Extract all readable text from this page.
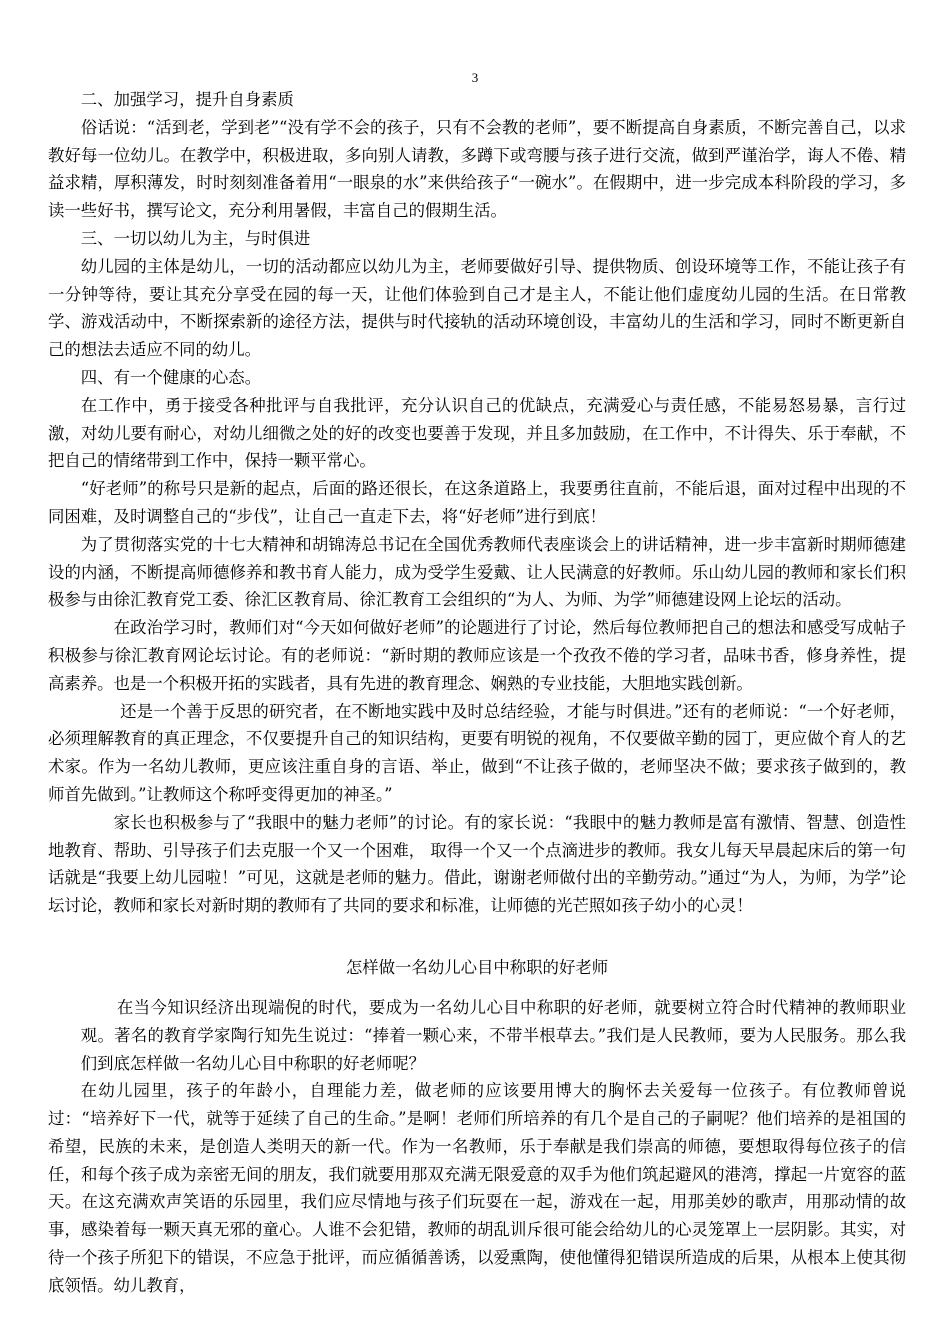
3

二、加强学习，提升自身素质

俗话说：“活到老，学到老”“没有学不会的孩子，只有不会教的老师”，要不断提高自身素质，不断完善自己，以求教好每一位幼儿。在教学中，积极进取，多向别人请教，多蹲下或弯腰与孩子进行交流，做到严谨治学，诲人不倦、精益求精，厚积薄发，时时刻刻准备着用“一眼泉的水”来供给孩子“一碗水”。在假期中，进一步完成本科阶段的学习，多读一些好书，撰写论文，充分利用暑假，丰富自己的假期生活。

三、一切以幼儿为主，与时俱进

幼儿园的主体是幼儿，一切的活动都应以幼儿为主，老师要做好引导、提供物质、创设环境等工作，不能让孩子有一分钟等待，要让其充分享受在园的每一天，让他们体验到自己才是主人，不能让他们虚度幼儿园的生活。在日常教学、游戏活动中，不断探索新的途径方法，提供与时代接轨的活动环境创设，丰富幼儿的生活和学习，同时不断更新自己的想法去适应不同的幼儿。

四、有一个健康的心态。

在工作中，勇于接受各种批评与自我批评，充分认识自己的优缺点，充满爱心与责任感，不能易怒易暴，言行过激，对幼儿要有耐心，对幼儿细微之处的好的改变也要善于发现，并且多加鼓励，在工作中，不计得失、乐于奉献，不把自己的情绪带到工作中，保持一颗平常心。

“好老师”的称号只是新的起点，后面的路还很长，在这条道路上，我要勇往直前，不能后退，面对过程中出现的不同困难，及时调整自己的“步伐”，让自己一直走下去，将“好老师”进行到底！

为了贯彻落实党的十七大精神和胡锦涛总书记在全国优秀教师代表座谈会上的讲话精神，进一步丰富新时期师德建设的内涵，不断提高师德修养和教书育人能力，成为受学生爱戴、让人民满意的好教师。乐山幼儿园的教师和家长们积极参与由徐汇教育党工委、徐汇区教育局、徐汇教育工会组织的“为人、为师、为学”师德建设网上论坛的活动。

在政治学习时，教师们对“今天如何做好老师”的论题进行了讨论，然后每位教师把自己的想法和感受写成帖子积极参与徐汇教育网论坛讨论。有的老师说：“新时期的教师应该是一个孜孜不倦的学习者，品味书香，修身养性，提高素养。也是一个积极开拓的实践者，具有先进的教育理念、娴熟的专业技能，大胆地实践创新。

还是一个善于反思的研究者，在不断地实践中及时总结经验，才能与时俱进。”还有的老师说：“一个好老师，必须理解教育的真正理念，不仅要提升自己的知识结构，更要有明锐的视角，不仅要做辛勤的园丁，更应做个育人的艺术家。作为一名幼儿教师，更应该注重自身的言语、举止，做到“不让孩子做的，老师坚决不做；要求孩子做到的，教师首先做到。”让教师这个称呼变得更加的神圣。”

家长也积极参与了“我眼中的魅力老师”的讨论。有的家长说：“我眼中的魅力教师是富有激情、智慧、创造性地教育、帮助、引导孩子们去克服一个又一个困难， 取得一个又一个点滴进步的教师。我女儿每天早晨起床后的第一句话就是“我要上幼儿园啦！”可见，这就是老师的魅力。借此，谢谢老师做付出的辛勤劳动。”通过“为人，为师，为学”论坛讨论，教师和家长对新时期的教师有了共同的要求和标准，让师德的光芒照如孩子幼小的心灵！

怎样做一名幼儿心目中称职的好老师

在当今知识经济出现端倪的时代，要成为一名幼儿心目中称职的好老师，就要树立符合时代精神的教师职业观。著名的教育学家陶行知先生说过：“捧着一颗心来，不带半根草去。”我们是人民教师，要为人民服务。那么我们到底怎样做一名幼儿心目中称职的好老师呢？

在幼儿园里，孩子的年龄小，自理能力差，做老师的应该要用博大的胸怀去关爱每一位孩子。有位教师曾说过：“培养好下一代，就等于延续了自己的生命。”是啊！老师们所培养的有几个是自己的子嗣呢？他们培养的是祖国的希望，民族的未来，是创造人类明天的新一代。作为一名教师，乐于奉献是我们崇高的师德，要想取得每位孩子的信任，和每个孩子成为亲密无间的朋友，我们就要用那双充满无限爱意的双手为他们筑起避风的港湾，撑起一片宽容的蓝天。在这充满欢声笑语的乐园里，我们应尽情地与孩子们玩耍在一起，游戏在一起，用那美妙的歌声，用那动情的故事，感染着每一颗天真无邪的童心。人谁不会犯错，教师的胡乱训斥很可能会给幼儿的心灵笼罩上一层阴影。其实，对待一个孩子所犯下的错误，不应急于批评，而应循循善诱，以爱熏陶，使他懂得犯错误所造成的后果，从根本上使其彻底领悟。幼儿教育，
